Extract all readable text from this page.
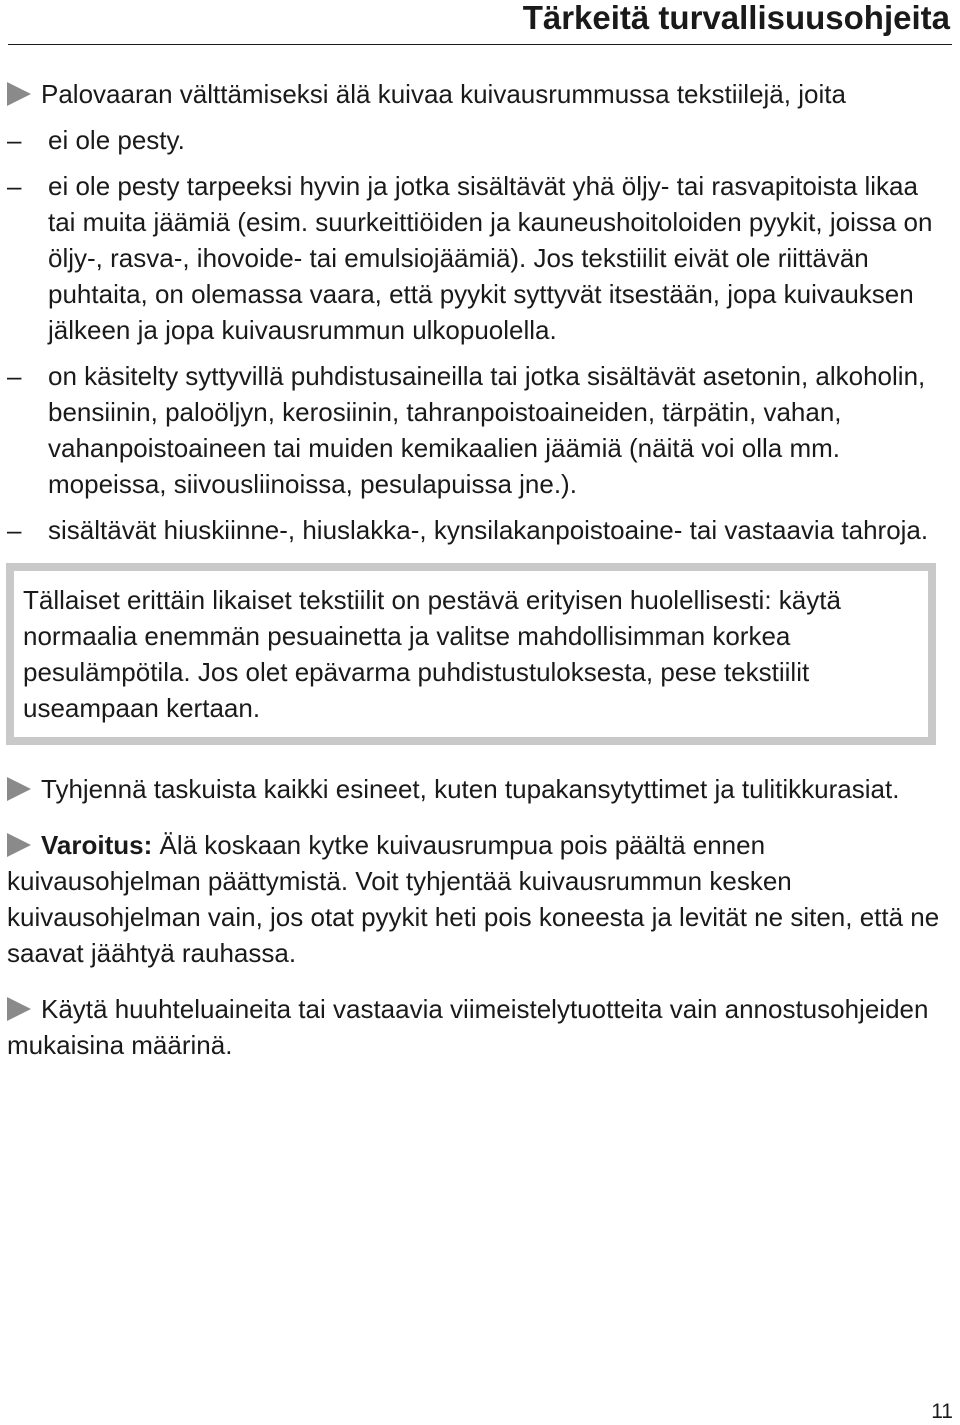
Tärkeitä turvallisuusohjeita

Palovaaran välttämiseksi älä kuivaa kuivausrummussa tekstiilejä, joita

– ei ole pesty.
– ei ole pesty tarpeeksi hyvin ja jotka sisältävät yhä öljy- tai rasvapitoista likaa tai muita jäämiä (esim. suurkeittiöiden ja kauneushoitoloiden pyykit, joissa on öljy-, rasva-, ihovoide- tai emulsiojäämiä). Jos tekstiilit eivät ole riittävän puhtaita, on olemassa vaara, että pyykit syttyvät itsestään, jopa kuivauksen jälkeen ja jopa kuivausrummun ulkopuolella.
– on käsitelty syttyvillä puhdistusaineilla tai jotka sisältävät asetonin, alkoholin, bensiinin, paloöljyn, kerosiinin, tahranpoistoaineiden, tärpätin, vahan, vahanpoistoaineen tai muiden kemikaalien jäämiä (näitä voi olla mm. mopeissa, siivousliinoissa, pesulapuissa jne.).
– sisältävät hiuskiinne-, hiuslakka-, kynsilakanpoistoaine- tai vastaavia tahroja.
Tällaiset erittäin likaiset tekstiilit on pestävä erityisen huolellisesti: käytä normaalia enemmän pesuainetta ja valitse mahdollisimman korkea pesulämpötila. Jos olet epävarma puhdistustuloksesta, pese tekstiilit useampaan kertaan.

Tyhjennä taskuista kaikki esineet, kuten tupakansytyttimet ja tulitikkurasiat.

Varoitus: Älä koskaan kytke kuivausrumpua pois päältä ennen kuivausohjelman päättymistä. Voit tyhjentää kuivausrummun kesken kuivausohjelman vain, jos otat pyykit heti pois koneesta ja levität ne siten, että ne saavat jäähtyä rauhassa.

Käytä huuhteluaineita tai vastaavia viimeistelytuotteita vain annostusohjeiden mukaisina määrinä.

11
